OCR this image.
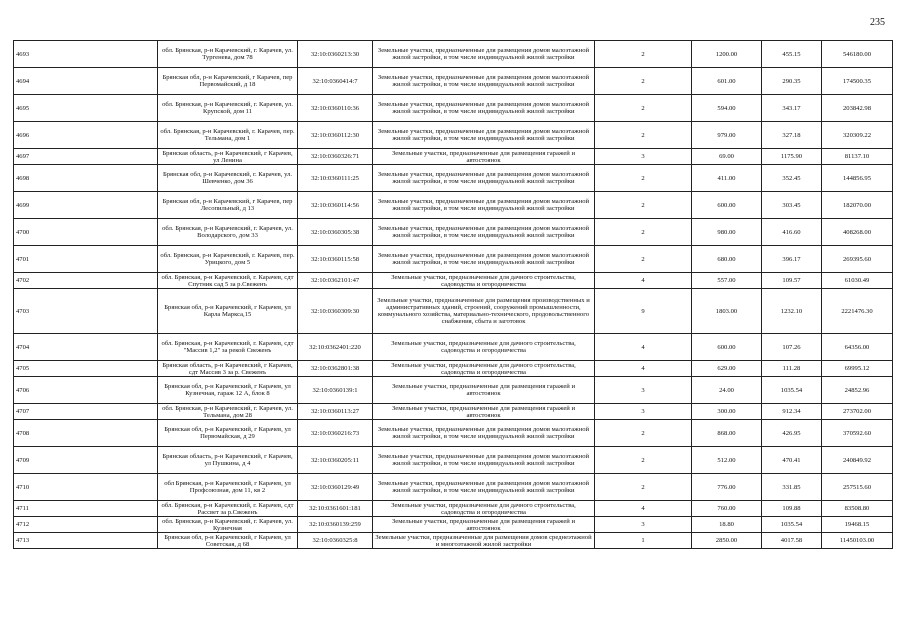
235
4693	обл. Брянская, р-н Карачевский, г. Карачев, ул. Тургенева, дом 78	32:10:0360213:30	Земельные участки, предназначенные для размещения домов малоэтажной жилой застройки, в том числе индивидуальной жилой застройки	2	1200.00	455.15	546180.00
4694	Брянская обл, р-н Карачевский, г Карачев, пер Первомайский, д 18	32:10:0360414:7	Земельные участки, предназначенные для размещения домов малоэтажной жилой застройки, в том числе индивидуальной жилой застройки	2	601.00	290.35	174500.35
4695	обл. Брянская, р-н Карачевский, г. Карачев, ул. Крупской, дом 11	32:10:0360110:36	Земельные участки, предназначенные для размещения домов малоэтажной жилой застройки, в том числе индивидуальной жилой застройки	2	594.00	343.17	203842.98
4696	обл. Брянская, р-н Карачевский, г. Карачев, пер. Тельмана, дом 1	32:10:0360112:30	Земельные участки, предназначенные для размещения домов малоэтажной жилой застройки, в том числе индивидуальной жилой застройки	2	979.00	327.18	320309.22
4697	Брянская область, р-н Карачевский, г Карачев, ул Ленина	32:10:0360326:71	Земельные участки, предназначенные для размещения гаражей и автостоянок	3	69.00	1175.90	81137.10
4698	Брянская обл, р-н Карачевский, г. Карачев, ул. Шевченко, дом 36	32:10:0360111:25	Земельные участки, предназначенные для размещения домов малоэтажной жилой застройки, в том числе индивидуальной жилой застройки	2	411.00	352.45	144856.95
4699	Брянская обл, р-н Карачевский, г Карачев, пер Лесопильный, д 13	32:10:0360114:56	Земельные участки, предназначенные для размещения домов малоэтажной жилой застройки, в том числе индивидуальной жилой застройки	2	600.00	303.45	182070.00
4700	обл. Брянская, р-н Карачевский, г. Карачев, ул. Володарского, дом 33	32:10:0360305:38	Земельные участки, предназначенные для размещения домов малоэтажной жилой застройки, в том числе индивидуальной жилой застройки	2	980.00	416.60	408268.00
4701	обл. Брянская, р-н Карачевский, г. Карачев, пер. Урицкого, дом 5	32:10:0360115:58	Земельные участки, предназначенные для размещения домов малоэтажной жилой застройки, в том числе индивидуальной жилой застройки	2	680.00	396.17	269395.60
4702	обл. Брянская, р-н Карачевский, г. Карачев, сдт Спутник сад 5 за р.Свеженъ	32:10:0362101:47	Земельные участки, предназначенные для дачного строительства, садоводства и огородничества	4	557.00	109.57	61030.49
4703	Брянская обл, р-н Карачевский, г Карачев, ул Карла Маркса,15	32:10:0360309:30	Земельные участки, предназначенные для размещения производственных и административных зданий, строений, сооружений промышленности, коммунального хозяйства, материально-технического, продовольственного снабжения, сбыта и заготовок	9	1803.00	1232.10	2221476.30
4704	обл. Брянская, р-н Карачевский, г. Карачев, сдт "Массив 1,2" за рекой Свеженъ	32:10:0362401:220	Земельные участки, предназначенные для дачного строительства, садоводства и огородничества	4	600.00	107.26	64356.00
4705	Брянская область, р-н Карачевский, г Карачев, сдт Массив 3 за р. Свеженъ	32:10:0362801:38	Земельные участки, предназначенные для дачного строительства, садоводства и огородничества	4	629.00	111.28	69995.12
4706	Брянская обл, р-н Карачевский, г Карачев, ул Кузнечная, гараж 12 А, блок 8	32:10:0360139:1	Земельные участки, предназначенные для размещения гаражей и автостоянок	3	24.00	1035.54	24852.96
4707	обл. Брянская, р-н Карачевский, г. Карачев, ул. Тельмана, дом 28	32:10:0360113:27	Земельные участки, предназначенные для размещения гаражей и автостоянок	3	300.00	912.34	273702.00
4708	Брянская обл, р-н Карачевский, г Карачев, ул Первомайская, д 29	32:10:0360216:73	Земельные участки, предназначенные для размещения домов малоэтажной жилой застройки, в том числе индивидуальной жилой застройки	2	868.00	426.95	370592.60
4709	Брянская область, р-н Карачевский, г Карачев, ул Пушкина, д 4	32:10:0360205:11	Земельные участки, предназначенные для размещения домов малоэтажной жилой застройки, в том числе индивидуальной жилой застройки	2	512.00	470.41	240849.92
4710	обл Брянская, р-н Карачевский, г Карачев, ул Профсоюзная, дом 11, кв 2	32:10:0360129:49	Земельные участки, предназначенные для размещения домов малоэтажной жилой застройки, в том числе индивидуальной жилой застройки	2	776.00	331.85	257515.60
4711	обл. Брянская, р-н Карачевский, г. Карачев, сдт Рассвет за р.Свеженъ	32:10:0361601:181	Земельные участки, предназначенные для дачного строительства, садоводства и огородничества	4	760.00	109.88	83508.80
4712	обл. Брянская, р-н Карачевский, г. Карачев, ул. Кузнечная	32:10:0360139:259	Земельные участки, предназначенные для размещения гаражей и автостоянок	3	18.80	1035.54	19468.15
4713	Брянская обл, р-н Карачевский, г Карачев, ул Советская, д 68	32:10:0360325:8	Земельные участки, предназначенные для размещения домов среднеэтажной и многоэтажной жилой застройки	1	2850.00	4017.58	11450103.00
